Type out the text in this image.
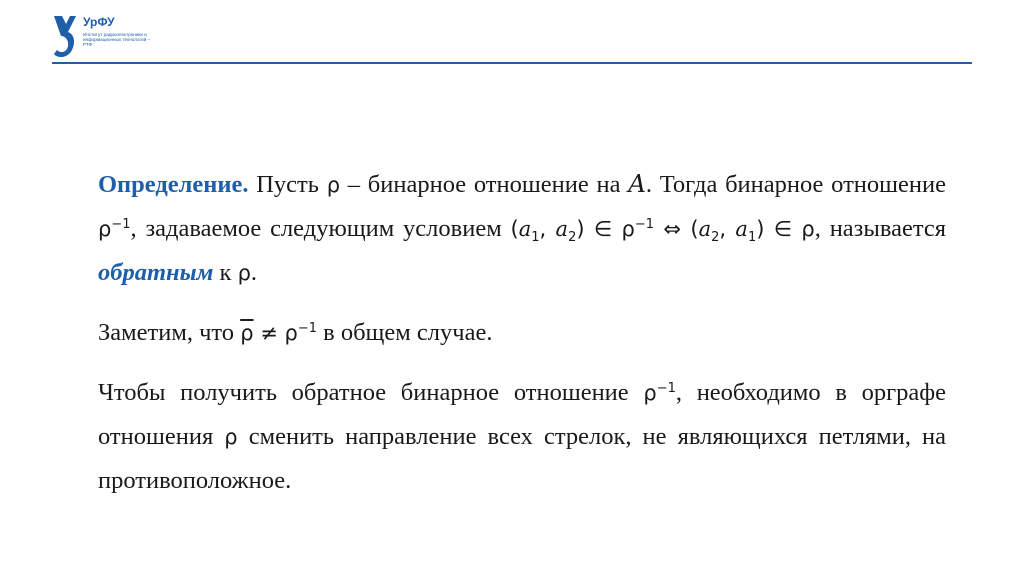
УрФУ
Институт радиоэлектроники и информационных технологий – РТФ

Определение. Пусть ρ – бинарное отношение на A. Тогда бинарное отношение $\rho^{-1}$, задаваемое следующим условием ($a_1$, $a_2$) ∈ $\rho^{-1}$ ⇔ ($a_2$, $a_1$) ∈ ρ, называется обратным к ρ.

Заметим, что $\overline{\rho} \ne \rho^{-1}$ в общем случае.

Чтобы получить обратное бинарное отношение $\rho^{-1}$, необходимо в орграфе отношения ρ сменить направление всех стрелок, не являющихся петлями, на противоположное.
